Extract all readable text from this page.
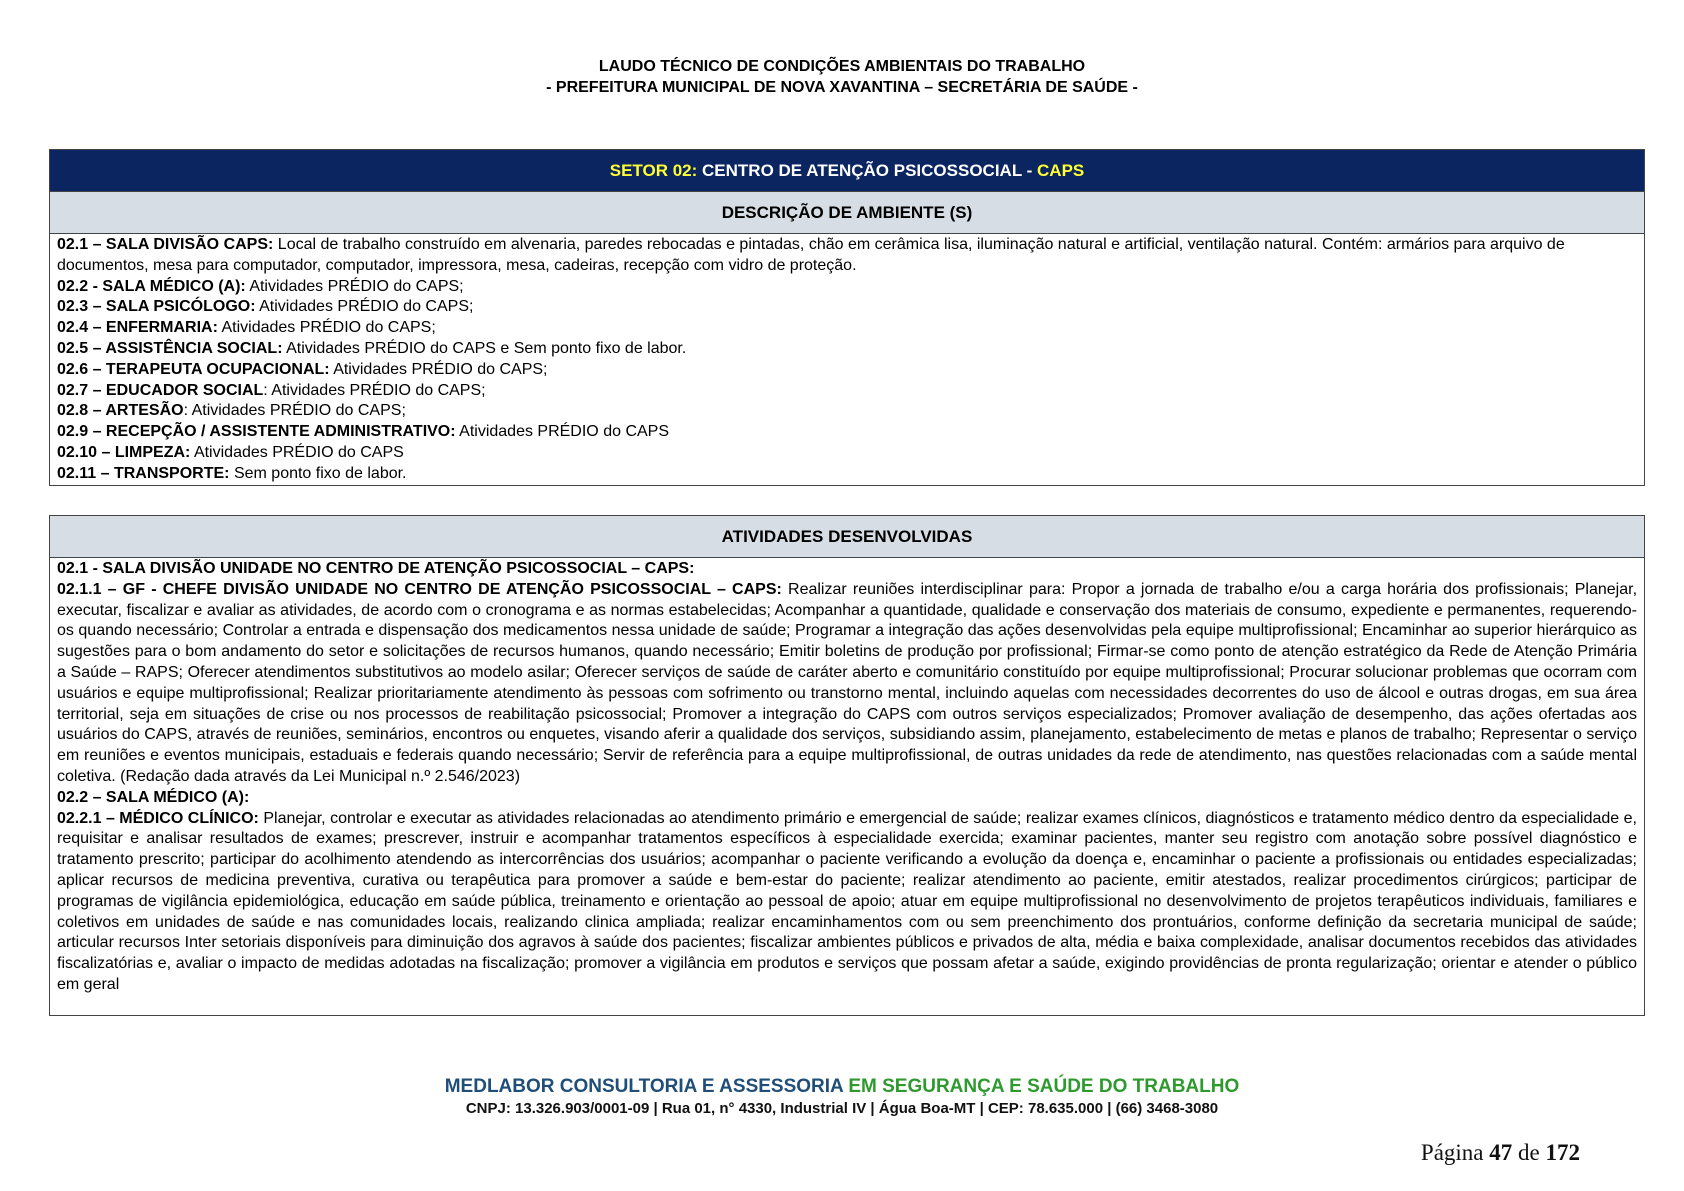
LAUDO TÉCNICO DE CONDIÇÕES AMBIENTAIS DO TRABALHO
- PREFEITURA MUNICIPAL DE NOVA XAVANTINA – SECRETÁRIA DE SAÚDE -
SETOR 02: CENTRO DE ATENÇÃO PSICOSSOCIAL - CAPS
DESCRIÇÃO DE AMBIENTE (S)

02.1 – SALA DIVISÃO CAPS: Local de trabalho construído em alvenaria, paredes rebocadas e pintadas, chão em cerâmica lisa, iluminação natural e artificial, ventilação natural. Contém: armários para arquivo de documentos, mesa para computador, computador, impressora, mesa, cadeiras, recepção com vidro de proteção.

02.2 - SALA MÉDICO (A): Atividades PRÉDIO do CAPS;

02.3 – SALA PSICÓLOGO: Atividades PRÉDIO do CAPS;

02.4 – ENFERMARIA: Atividades PRÉDIO do CAPS;

02.5 – ASSISTÊNCIA SOCIAL: Atividades PRÉDIO do CAPS e Sem ponto fixo de labor.

02.6 – TERAPEUTA OCUPACIONAL: Atividades PRÉDIO do CAPS;

02.7 – EDUCADOR SOCIAL: Atividades PRÉDIO do CAPS;

02.8 – ARTESÃO: Atividades PRÉDIO do CAPS;

02.9 – RECEPÇÃO / ASSISTENTE ADMINISTRATIVO: Atividades PRÉDIO do CAPS

02.10 – LIMPEZA: Atividades PRÉDIO do CAPS

02.11 – TRANSPORTE: Sem ponto fixo de labor.

ATIVIDADES DESENVOLVIDAS

02.1 - SALA DIVISÃO UNIDADE NO CENTRO DE ATENÇÃO PSICOSSOCIAL – CAPS:

02.1.1 – GF - CHEFE DIVISÃO UNIDADE NO CENTRO DE ATENÇÃO PSICOSSOCIAL – CAPS: Realizar reuniões interdisciplinar para: Propor a jornada de trabalho e/ou a carga horária dos profissionais; Planejar, executar, fiscalizar e avaliar as atividades, de acordo com o cronograma e as normas estabelecidas; Acompanhar a quantidade, qualidade e conservação dos materiais de consumo, expediente e permanentes, requerendo-os quando necessário; Controlar a entrada e dispensação dos medicamentos nessa unidade de saúde; Programar a integração das ações desenvolvidas pela equipe multiprofissional; Encaminhar ao superior hierárquico as sugestões para o bom andamento do setor e solicitações de recursos humanos, quando necessário; Emitir boletins de produção por profissional; Firmar-se como ponto de atenção estratégico da Rede de Atenção Primária a Saúde – RAPS; Oferecer atendimentos substitutivos ao modelo asilar; Oferecer serviços de saúde de caráter aberto e comunitário constituído por equipe multiprofissional; Procurar solucionar problemas que ocorram com usuários e equipe multiprofissional; Realizar prioritariamente atendimento às pessoas com sofrimento ou transtorno mental, incluindo aquelas com necessidades decorrentes do uso de álcool e outras drogas, em sua área territorial, seja em situações de crise ou nos processos de reabilitação psicossocial; Promover a integração do CAPS com outros serviços especializados; Promover avaliação de desempenho, das ações ofertadas aos usuários do CAPS, através de reuniões, seminários, encontros ou enquetes, visando aferir a qualidade dos serviços, subsidiando assim, planejamento, estabelecimento de metas e planos de trabalho; Representar o serviço em reuniões e eventos municipais, estaduais e federais quando necessário; Servir de referência para a equipe multiprofissional, de outras unidades da rede de atendimento, nas questões relacionadas com a saúde mental coletiva. (Redação dada através da Lei Municipal n.º 2.546/2023)

02.2 – SALA MÉDICO (A):

02.2.1 – MÉDICO CLÍNICO: Planejar, controlar e executar as atividades relacionadas ao atendimento primário e emergencial de saúde; realizar exames clínicos, diagnósticos e tratamento médico dentro da especialidade e, requisitar e analisar resultados de exames; prescrever, instruir e acompanhar tratamentos específicos à especialidade exercida; examinar pacientes, manter seu registro com anotação sobre possível diagnóstico e tratamento prescrito; participar do acolhimento atendendo as intercorrências dos usuários; acompanhar o paciente verificando a evolução da doença e, encaminhar o paciente a profissionais ou entidades especializadas; aplicar recursos de medicina preventiva, curativa ou terapêutica para promover a saúde e bem-estar do paciente; realizar atendimento ao paciente, emitir atestados, realizar procedimentos cirúrgicos; participar de programas de vigilância epidemiológica, educação em saúde pública, treinamento e orientação ao pessoal de apoio; atuar em equipe multiprofissional no desenvolvimento de projetos terapêuticos individuais, familiares e coletivos em unidades de saúde e nas comunidades locais, realizando clinica ampliada; realizar encaminhamentos com ou sem preenchimento dos prontuários, conforme definição da secretaria municipal de saúde; articular recursos Inter setoriais disponíveis para diminuição dos agravos à saúde dos pacientes; fiscalizar ambientes públicos e privados de alta, média e baixa complexidade, analisar documentos recebidos das atividades fiscalizatórias e, avaliar o impacto de medidas adotadas na fiscalização; promover a vigilância em produtos e serviços que possam afetar a saúde, exigindo providências de pronta regularização; orientar e atender o público em geral

MEDLABOR CONSULTORIA E ASSESSORIA EM SEGURANÇA E SAÚDE DO TRABALHO
CNPJ: 13.326.903/0001-09 | Rua 01, n° 4330, Industrial IV | Água Boa-MT | CEP: 78.635.000 | (66) 3468-3080
Página 47 de 172
